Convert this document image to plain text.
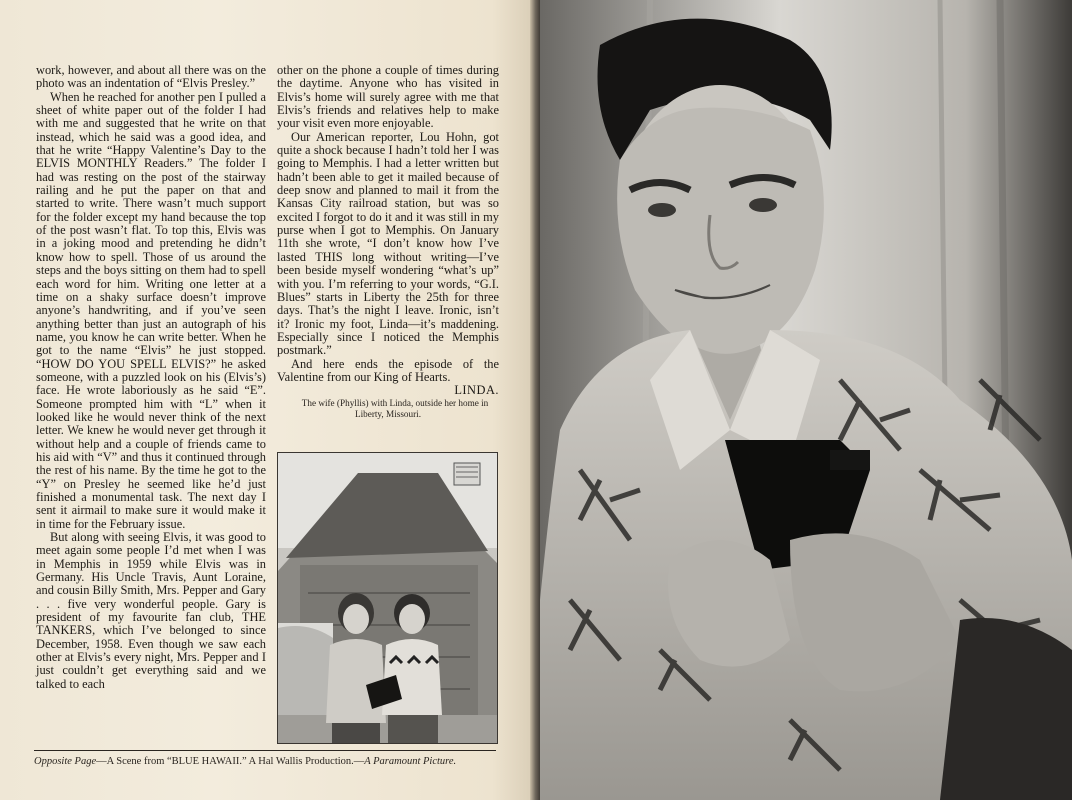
work, however, and about all there was on the photo was an indentation of “Elvis Presley.”

When he reached for another pen I pulled a sheet of white paper out of the folder I had with me and suggested that he write on that instead, which he said was a good idea, and that he write “Happy Valentine’s Day to the ELVIS MONTHLY Readers.” The folder I had was resting on the post of the stairway railing and he put the paper on that and started to write. There wasn’t much support for the folder except my hand because the top of the post wasn’t flat. To top this, Elvis was in a joking mood and pretending he didn’t know how to spell. Those of us around the steps and the boys sitting on them had to spell each word for him. Writing one letter at a time on a shaky surface doesn’t improve anyone’s handwriting, and if you’ve seen anything better than just an autograph of his name, you know he can write better. When he got to the name “Elvis” he just stopped. “HOW DO YOU SPELL ELVIS?” he asked someone, with a puzzled look on his (Elvis’s) face. He wrote laboriously as he said “E”. Someone prompted him with “L” when it looked like he would never think of the next letter. We knew he would never get through it without help and a couple of friends came to his aid with “V” and thus it continued through the rest of his name. By the time he got to the “Y” on Presley he seemed like he’d just finished a monumental task. The next day I sent it airmail to make sure it would make it in time for the February issue.

But along with seeing Elvis, it was good to meet again some people I’d met when I was in Memphis in 1959 while Elvis was in Germany. His Uncle Travis, Aunt Loraine, and cousin Billy Smith, Mrs. Pepper and Gary . . . five very wonderful people. Gary is president of my favourite fan club, THE TANKERS, which I’ve belonged to since December, 1958. Even though we saw each other at Elvis’s every night, Mrs. Pepper and I just couldn’t get everything said and we talked to each

other on the phone a couple of times during the daytime. Anyone who has visited in Elvis’s home will surely agree with me that Elvis’s friends and relatives help to make your visit even more enjoyable.

Our American reporter, Lou Hohn, got quite a shock because I hadn’t told her I was going to Memphis. I had a letter written but hadn’t been able to get it mailed because of deep snow and planned to mail it from the Kansas City railroad station, but was so excited I forgot to do it and it was still in my purse when I got to Memphis. On January 11th she wrote, “I don’t know how I’ve lasted THIS long without writing—I’ve been beside myself wondering “what’s up” with you. I’m referring to your words, “G.I. Blues” starts in Liberty the 25th for three days. That’s the night I leave. Ironic, isn’t it? Ironic my foot, Linda—it’s maddening. Especially since I noticed the Memphis postmark.”

And here ends the episode of the Valentine from our King of Hearts.

LINDA.

The wife (Phyllis) with Linda, outside her home in Liberty, Missouri.

Opposite Page—A Scene from “BLUE HAWAII.” A Hal Wallis Production.—A Paramount Picture.
